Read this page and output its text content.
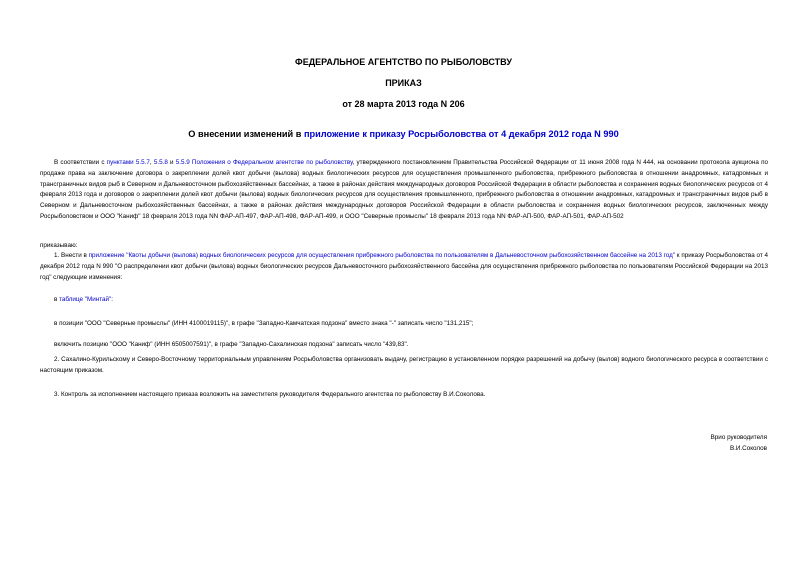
ФЕДЕРАЛЬНОЕ АГЕНТСТВО ПО РЫБОЛОВСТВУ
ПРИКАЗ
от 28 марта 2013 года N 206
О внесении изменений в приложение к приказу Росрыболовства от 4 декабря 2012 года N 990
В соответствии с пунктами 5.5.7, 5.5.8 и 5.5.9 Положения о Федеральном агентстве по рыболовству, утвержденного постановлением Правительства Российской Федерации от 11 июня 2008 года N 444, на основании протокола аукциона по продаже права на заключение договора о закреплении долей квот добычи (вылова) водных биологических ресурсов для осуществления промышленного рыболовства, прибрежного рыболовства в отношении анадромных, катадромных и трансграничных видов рыб в Северном и Дальневосточном рыбохозяйственных бассейнах, а также в районах действия международных договоров Российской Федерации в области рыболовства и сохранения водных биологических ресурсов от 4 февраля 2013 года и договоров о закреплении долей квот добычи (вылова) водных биологических ресурсов для осуществления промышленного, прибрежного рыболовства в отношении анадромных, катадромных и трансграничных видов рыб в Северном и Дальневосточном рыбохозяйственных бассейнах, а также в районах действия международных договоров Российской Федерации в области рыболовства и сохранения водных биологических ресурсов, заключенных между Росрыболовством и ООО "Каниф" 18 февраля 2013 года NN ФАР-АП-497, ФАР-АП-498, ФАР-АП-499, и ООО "Северные промыслы" 18 февраля 2013 года NN ФАР-АП-500, ФАР-АП-501, ФАР-АП-502
приказываю:
1. Внести в приложение "Квоты добычи (вылова) водных биологических ресурсов для осуществления прибрежного рыболовства по пользователям в Дальневосточном рыбохозяйственном бассейне на 2013 год" к приказу Росрыболовства от 4 декабря 2012 года N 990 "О распределении квот добычи (вылова) водных биологических ресурсов Дальневосточного рыбохозяйственного бассейна для осуществления прибрежного рыболовства по пользователям Российской Федерации на 2013 год" следующие изменения:
в таблице "Минтай":
в позиции "ООО "Северные промыслы" (ИНН 4100019115)", в графе "Западно-Камчатская подзона" вместо знака "-" записать число "131,215";
включить позицию "ООО "Каниф" (ИНН 6505007591)", в графе "Западно-Сахалинская подзона" записать число "439,83".
2. Сахалино-Курильскому и Северо-Восточному территориальным управлениям Росрыболовства организовать выдачу, регистрацию в установленном порядке разрешений на добычу (вылов) водного биологического ресурса в соответствии с настоящим приказом.
3. Контроль за исполнением настоящего приказа возложить на заместителя руководителя Федерального агентства по рыболовству В.И.Соколова.
Врио руководителя
В.И.Соколов
